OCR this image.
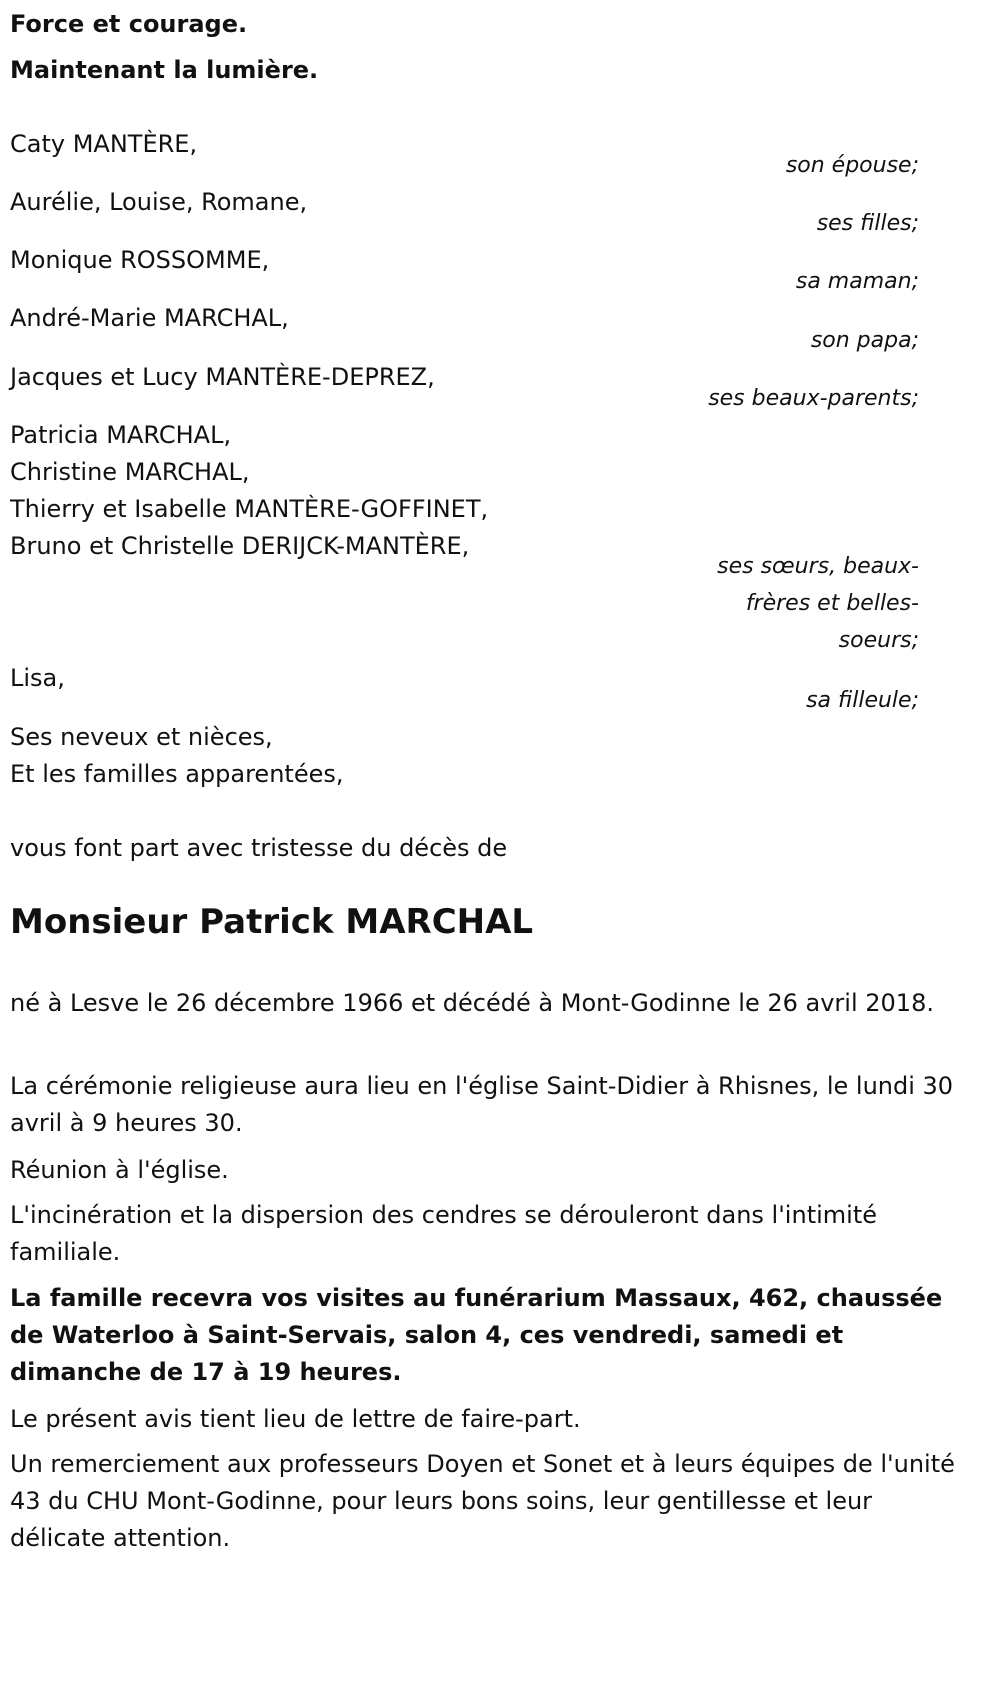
Force et courage.

Maintenant la lumière.

Caty MANTÈRE,

son épouse;

Aurélie, Louise, Romane,

ses filles;

Monique ROSSOMME,

sa maman;

André-Marie MARCHAL,

son papa;

Jacques et Lucy MANTÈRE-DEPREZ,

ses beaux-parents;

Patricia MARCHAL,

Christine MARCHAL,

Thierry et Isabelle MANTÈRE-GOFFINET,

Bruno et Christelle DERIJCK-MANTÈRE,

ses sœurs, beaux-frères et belles-soeurs;

Lisa,

sa filleule;

Ses neveux et nièces,

Et les familles apparentées,

vous font part avec tristesse du décès de

Monsieur Patrick MARCHAL

né à Lesve le 26 décembre 1966 et décédé à Mont-Godinne le 26 avril 2018.

La cérémonie religieuse aura lieu en l'église Saint-Didier à Rhisnes, le lundi 30 avril à 9 heures 30.

Réunion à l'église.

L'incinération et la dispersion des cendres se dérouleront dans l'intimité familiale.

La famille recevra vos visites au funérarium Massaux, 462, chaussée de Waterloo à Saint-Servais, salon 4, ces vendredi, samedi et dimanche de 17 à 19 heures.

Le présent avis tient lieu de lettre de faire-part.

Un remerciement aux professeurs Doyen et Sonet et à leurs équipes de l'unité 43 du CHU Mont-Godinne, pour leurs bons soins, leur gentillesse et leur délicate attention.
